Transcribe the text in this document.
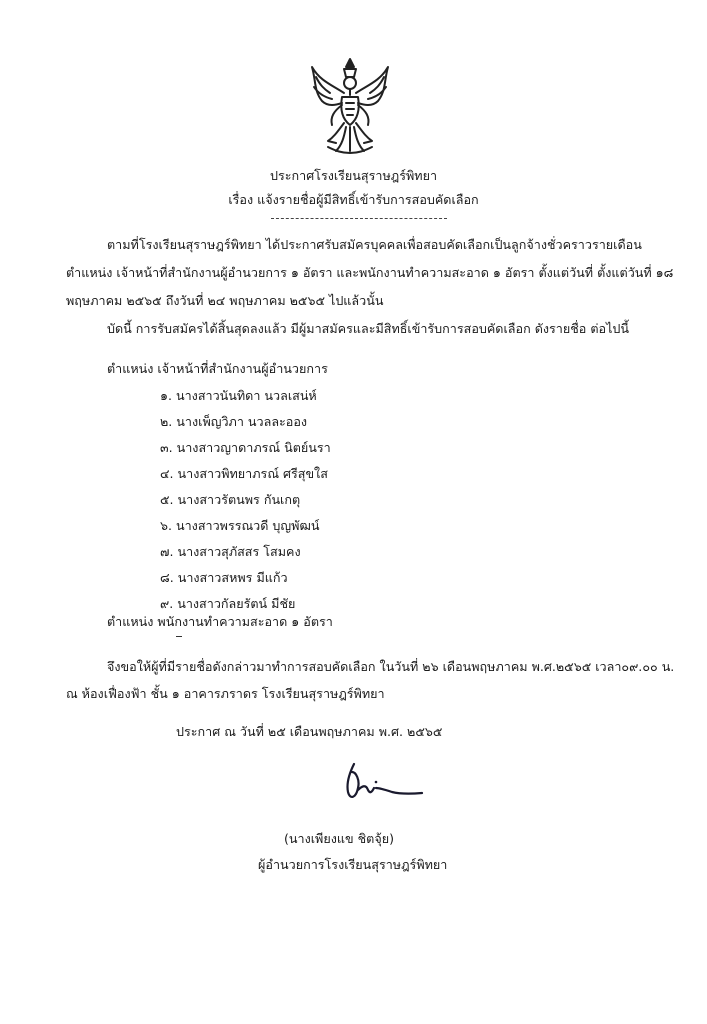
ประกาศโรงเรียนสุราษฎร์พิทยา
เรื่อง แจ้งรายชื่อผู้มีสิทธิ์เข้ารับการสอบคัดเลือก
ตามที่โรงเรียนสุราษฎร์พิทยา ได้ประกาศรับสมัครบุคคลเพื่อสอบคัดเลือกเป็นลูกจ้างชั่วคราวรายเดือน
ตำแหน่ง เจ้าหน้าที่สำนักงานผู้อำนวยการ ๑ อัตรา และพนักงานทำความสะอาด ๑ อัตรา ตั้งแต่วันที่ ตั้งแต่วันที่ ๑๘
พฤษภาคม ๒๕๖๕ ถึงวันที่ ๒๔ พฤษภาคม ๒๕๖๕ ไปแล้วนั้น
บัดนี้ การรับสมัครได้สิ้นสุดลงแล้ว มีผู้มาสมัครและมีสิทธิ์เข้ารับการสอบคัดเลือก ดังรายชื่อ ต่อไปนี้
ตำแหน่ง เจ้าหน้าที่สำนักงานผู้อำนวยการ
๑. นางสาวนันทิดา นวลเสน่ห์
๒. นางเพ็ญวิภา นวลละออง
๓. นางสาวญาดาภรณ์ นิตย์นรา
๔. นางสาวพิทยาภรณ์ ศรีสุขใส
๕. นางสาวรัตนพร กันเกตุ
๖. นางสาวพรรณวดี บุญพัฒน์
๗. นางสาวสุภัสสร โสมคง
๘. นางสาวสหพร มีแก้ว
๙. นางสาวกัลยรัตน์ มีชัย
ตำแหน่ง พนักงานทำความสะอาด ๑ อัตรา
จึงขอให้ผู้ที่มีรายชื่อดังกล่าวมาทำการสอบคัดเลือก ในวันที่ ๒๖ เดือนพฤษภาคม พ.ศ.๒๕๖๕ เวลา๐๙.๐๐ น.
ณ ห้องเฟื่องฟ้า ชั้น ๑ อาคารภราดร โรงเรียนสุราษฎร์พิทยา
ประกาศ ณ วันที่ ๒๕ เดือนพฤษภาคม พ.ศ. ๒๕๖๕
(นางเพียงแข ชิตจุ้ย)
ผู้อำนวยการโรงเรียนสุราษฎร์พิทยา
